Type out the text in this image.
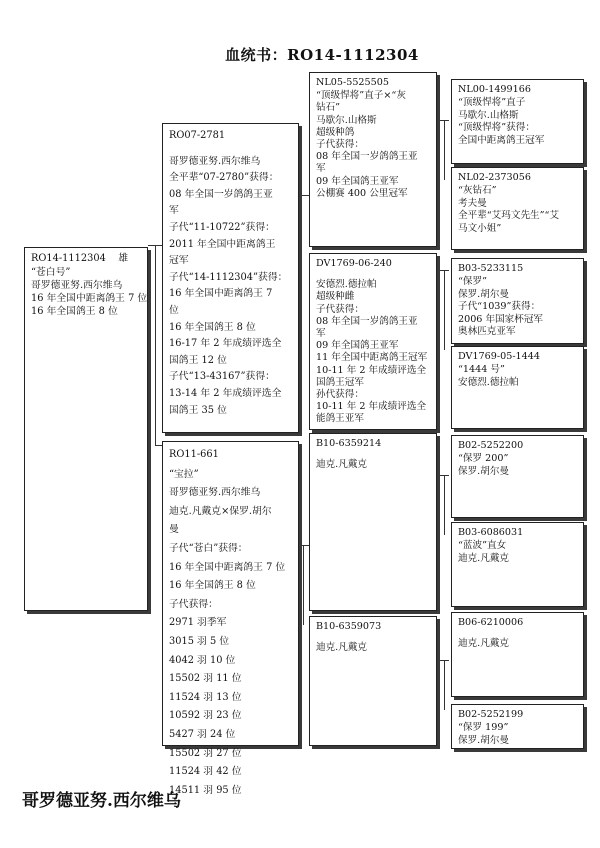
血统书：RO14-1112304
RO14-1112304    雄
“苍白号”
哥罗德亚努.西尔维乌
16 年全国中距离鸽王 7 位
16 年全国鸽王 8 位
RO07-2781
哥罗德亚努.西尔维乌
全平辈“07-2780”获得：
08 年全国一岁鸽鸽王亚
军
子代“11-10722”获得：
2011 年全国中距离鸽王
冠军
子代“14-1112304”获得：
16 年全国中距离鸽王 7
位
16 年全国鸽王 8 位
16-17 年 2 年成绩评选全
国鸽王 12 位
子代“13-43167”获得：
13-14 年 2 年成绩评选全
国鸽王 35 位
RO11-661
“宝拉”
哥罗德亚努.西尔维乌
迪克.凡戴克×保罗.胡尔
曼
子代“苍白”获得：
16 年全国中距离鸽王 7 位
16 年全国鸽王 8 位
子代获得：
2971 羽季军
3015 羽 5 位
4042 羽 10 位
15502 羽 11 位
11524 羽 13 位
10592 羽 23 位
5427 羽 24 位
15502 羽 27 位
11524 羽 42 位
14511 羽 95 位
NL05-5525505
“顶级悍将”直子×“灰
钻石”
马歇尔.山格斯
超级种鸽
子代获得：
08 年全国一岁鸽鸽王亚
军
09 年全国鸽王亚军
公棚赛 400 公里冠军
DV1769-06-240
安德烈.德拉帕
超级种雌
子代获得：
08 年全国一岁鸽鸽王亚
军
09 年全国鸽王亚军
11 年全国中距离鸽王冠军
10-11 年 2 年成绩评选全
国鸽王冠军
孙代获得：
10-11 年 2 年成绩评选全
能鸽王亚军
B10-6359214
迪克.凡戴克
B10-6359073
迪克.凡戴克
NL00-1499166
“顶级悍将”直子
马歇尔.山格斯
“顶级悍将”获得：
全国中距离鸽王冠军
NL02-2373056
“灰钻石”
考夫曼
全平辈“艾玛文先生”“艾
马文小姐”
B03-5233115
“保罗”
保罗.胡尔曼
子代“1039”获得：
2006 年国家杯冠军
奥林匹克亚军
DV1769-05-1444
“1444 号”
安德烈.德拉帕
B02-5252200
“保罗 200”
保罗.胡尔曼
B03-6086031
“蓝波”直女
迪克.凡戴克
B06-6210006
迪克.凡戴克
B02-5252199
“保罗 199”
保罗.胡尔曼
哥罗德亚努.西尔维乌
